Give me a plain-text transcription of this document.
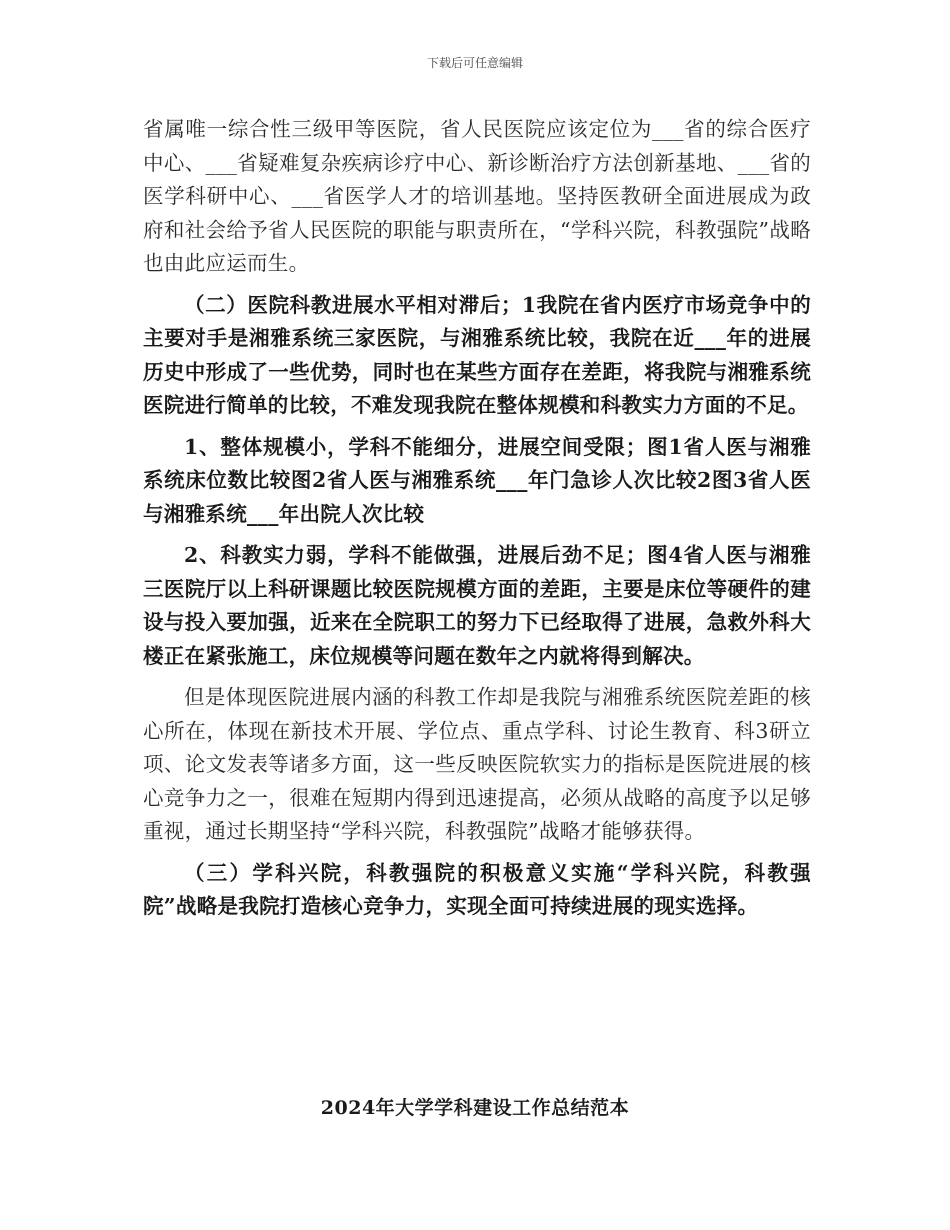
下载后可任意编辑

省属唯一综合性三级甲等医院，省人民医院应该定位为___省的综合医疗中心、___省疑难复杂疾病诊疗中心、新诊断治疗方法创新基地、___省的医学科研中心、___省医学人才的培训基地。坚持医教研全面进展成为政府和社会给予省人民医院的职能与职责所在，“学科兴院，科教强院”战略也由此应运而生。

（二）医院科教进展水平相对滞后；1我院在省内医疗市场竞争中的主要对手是湘雅系统三家医院，与湘雅系统比较，我院在近___年的进展历史中形成了一些优势，同时也在某些方面存在差距，将我院与湘雅系统医院进行简单的比较，不难发现我院在整体规模和科教实力方面的不足。

1、整体规模小，学科不能细分，进展空间受限；图1省人医与湘雅系统床位数比较图2省人医与湘雅系统___年门急诊人次比较2图3省人医与湘雅系统___年出院人次比较

2、科教实力弱，学科不能做强，进展后劲不足；图4省人医与湘雅三医院厅以上科研课题比较医院规模方面的差距，主要是床位等硬件的建设与投入要加强，近来在全院职工的努力下已经取得了进展，急救外科大楼正在紧张施工，床位规模等问题在数年之内就将得到解决。

但是体现医院进展内涵的科教工作却是我院与湘雅系统医院差距的核心所在，体现在新技术开展、学位点、重点学科、讨论生教育、科3研立项、论文发表等诸多方面，这一些反映医院软实力的指标是医院进展的核心竞争力之一，很难在短期内得到迅速提高，必须从战略的高度予以足够重视，通过长期坚持“学科兴院，科教强院”战略才能够获得。

（三）学科兴院，科教强院的积极意义实施“学科兴院，科教强院”战略是我院打造核心竞争力，实现全面可持续进展的现实选择。

2024年大学学科建设工作总结范本
